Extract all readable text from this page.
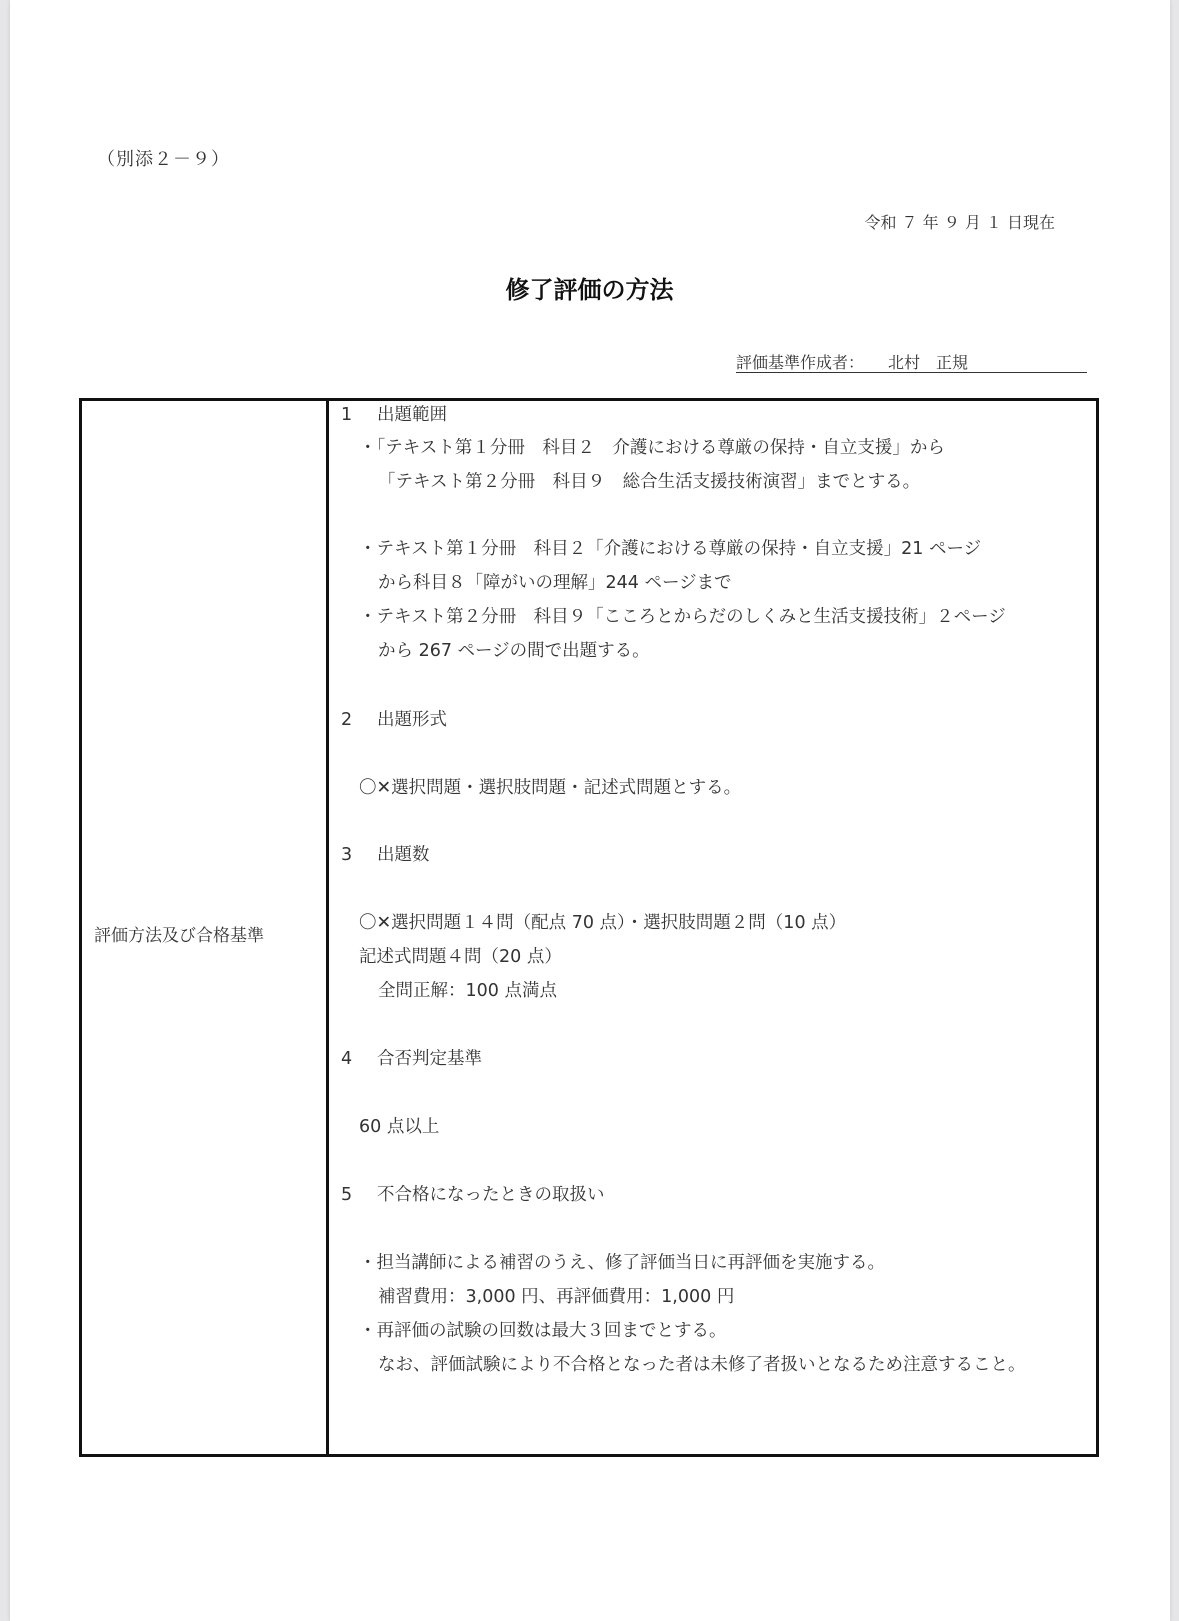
（別添２－９）
令和 ７ 年 ９ 月 １ 日現在
修了評価の方法
評価基準作成者： 北村　正規
評価方法及び合格基準
1 出題範囲
・「テキスト第１分冊　科目２　介護における尊厳の保持・自立支援」から
「テキスト第２分冊　科目９　総合生活支援技術演習」までとする。
・テキスト第１分冊　科目２「介護における尊厳の保持・自立支援」21 ページ
から科目８「障がいの理解」244 ページまで
・テキスト第２分冊　科目９「こころとからだのしくみと生活支援技術」２ページ
から 267 ページの間で出題する。
2 出題形式
〇✕選択問題・選択肢問題・記述式問題とする。
3 出題数
〇✕選択問題１４問（配点 70 点）・選択肢問題２問（10 点）
記述式問題４問（20 点）
全問正解：100 点満点
4 合否判定基準
60 点以上
5 不合格になったときの取扱い
・担当講師による補習のうえ、修了評価当日に再評価を実施する。
補習費用：3,000 円、再評価費用：1,000 円
・再評価の試験の回数は最大３回までとする。
なお、評価試験により不合格となった者は未修了者扱いとなるため注意すること。
